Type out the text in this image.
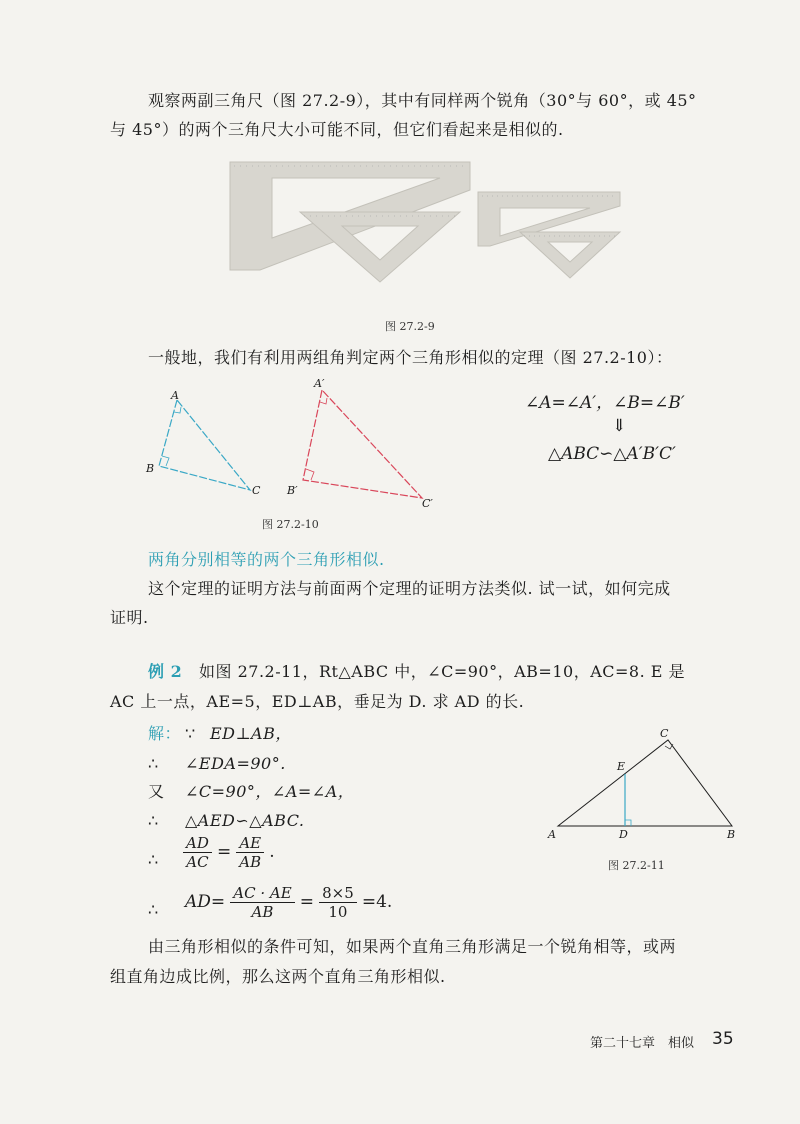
观察两副三角尺（图 27.2-9），其中有同样两个锐角（30°与 60°，或 45°
与 45°）的两个三角尺大小可能不同，但它们看起来是相似的.
图 27.2-9
一般地，我们有利用两组角判定两个三角形相似的定理（图 27.2-10）：
A
B
C
A′
B′
C′
图 27.2-10
∠A=∠A′，∠B=∠B′
⇓
△ABC∽△A′B′C′
两角分别相等的两个三角形相似.
这个定理的证明方法与前面两个定理的证明方法类似. 试一试，如何完成
证明.
例 2 如图 27.2-11，Rt△ABC 中，∠C=90°，AB=10，AC=8. E 是
AC 上一点，AE=5，ED⊥AB，垂足为 D. 求 AD 的长.
解： ∵ ED⊥AB，
∴ ∠EDA=90°.
又 ∠C=90°，∠A=∠A，
∴ △AED∽△ABC.
∴ $\frac{AD}{AC} = \frac{AE}{AB}$ .
∴ $AD= \frac{AC \cdot AE}{AB} = \frac{8\times 5}{10} =4$.
A	B
C
D
E
图 27.2-11
由三角形相似的条件可知，如果两个直角三角形满足一个锐角相等，或两
组直角边成比例，那么这两个直角三角形相似.
第二十七章 相似 35
